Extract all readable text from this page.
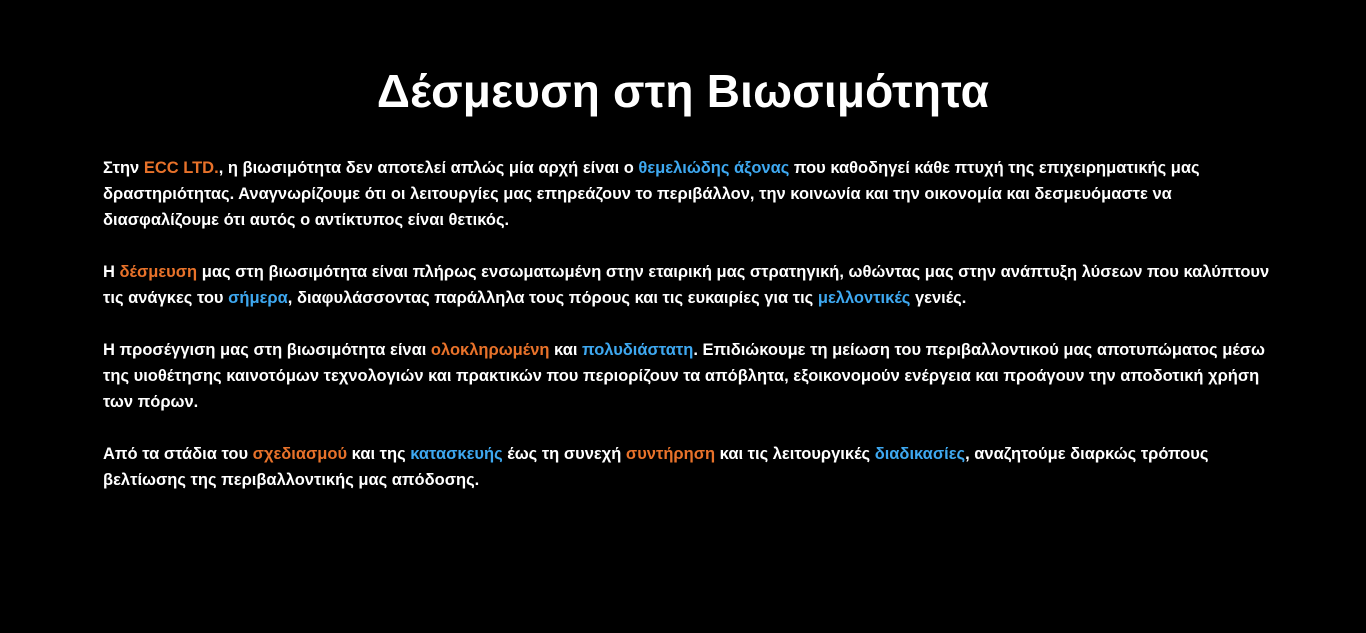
Δέσμευση στη Βιωσιμότητα

Στην ECC LTD., η βιωσιμότητα δεν αποτελεί απλώς μία αρχή είναι ο θεμελιώδης άξονας που καθοδηγεί κάθε πτυχή της επιχειρηματικής μας δραστηριότητας. Αναγνωρίζουμε ότι οι λειτουργίες μας επηρεάζουν το περιβάλλον, την κοινωνία και την οικονομία και δεσμευόμαστε να διασφαλίζουμε ότι αυτός ο αντίκτυπος είναι θετικός.

Η δέσμευση μας στη βιωσιμότητα είναι πλήρως ενσωματωμένη στην εταιρική μας στρατηγική, ωθώντας μας στην ανάπτυξη λύσεων που καλύπτουν τις ανάγκες του σήμερα, διαφυλάσσοντας παράλληλα τους πόρους και τις ευκαιρίες για τις μελλοντικές γενιές.

Η προσέγγιση μας στη βιωσιμότητα είναι ολοκληρωμένη και πολυδιάστατη. Επιδιώκουμε τη μείωση του περιβαλλοντικού μας αποτυπώματος μέσω της υιοθέτησης καινοτόμων τεχνολογιών και πρακτικών που περιορίζουν τα απόβλητα, εξοικονομούν ενέργεια και προάγουν την αποδοτική χρήση των πόρων.

Από τα στάδια του σχεδιασμού και της κατασκευής έως τη συνεχή συντήρηση και τις λειτουργικές διαδικασίες, αναζητούμε διαρκώς τρόπους βελτίωσης της περιβαλλοντικής μας απόδοσης.
